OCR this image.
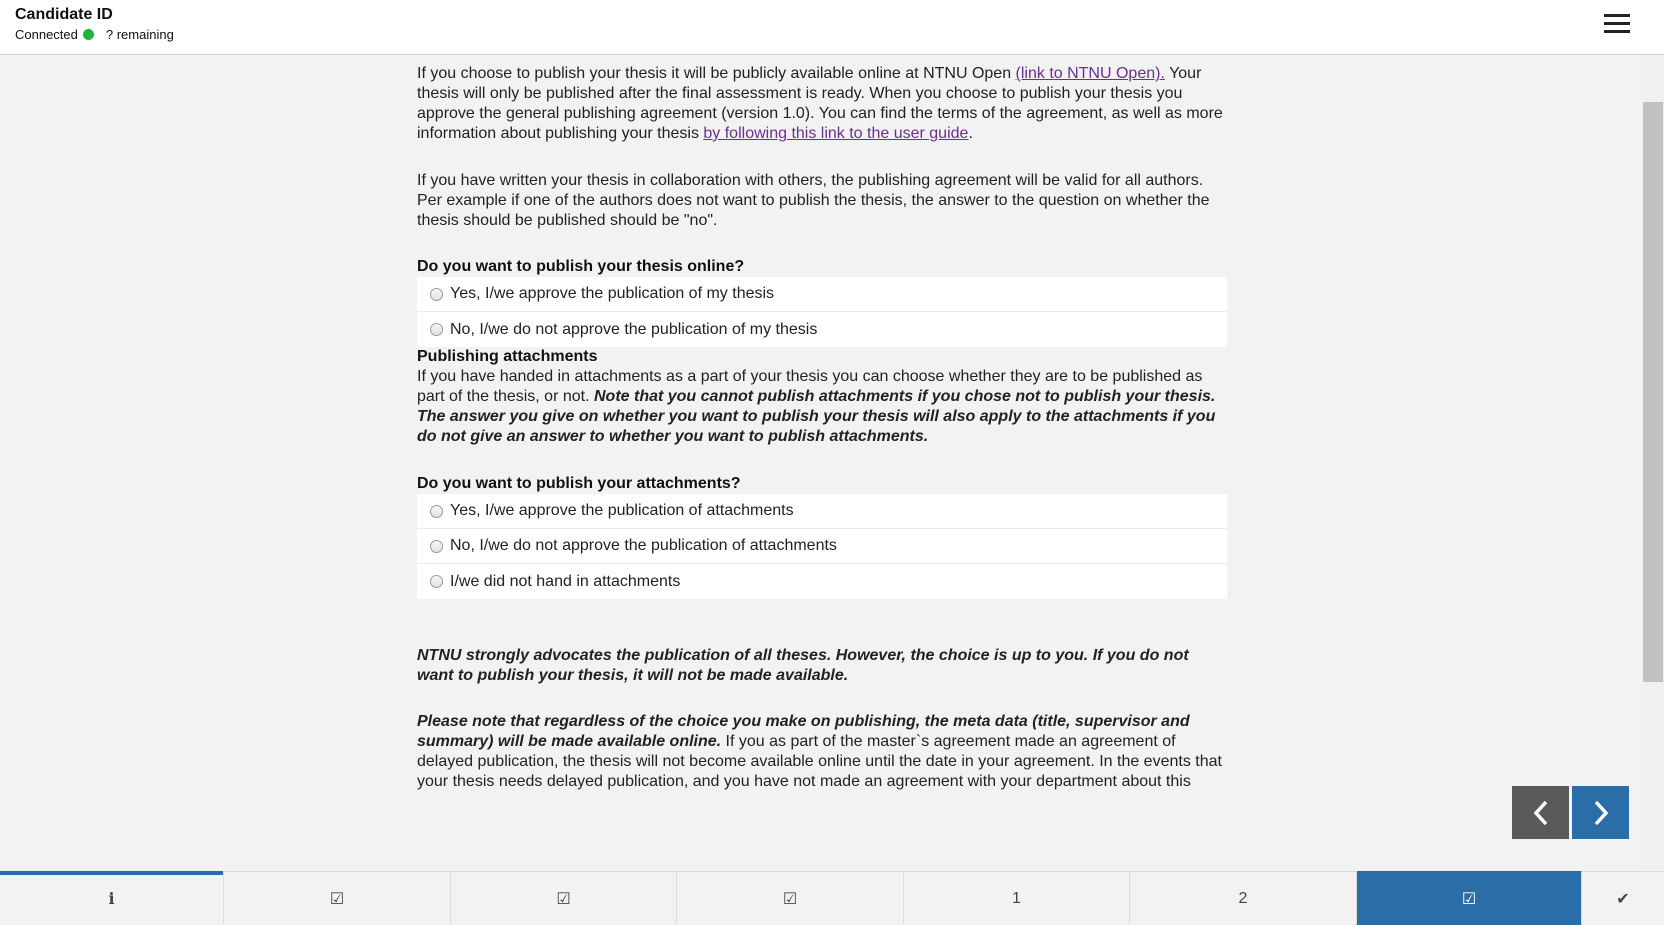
Candidate ID
Connected ? remaining

If you choose to publish your thesis it will be publicly available online at NTNU Open (link to NTNU Open). Your thesis will only be published after the final assessment is ready. When you choose to publish your thesis you approve the general publishing agreement (version 1.0). You can find the terms of the agreement, as well as more information about publishing your thesis by following this link to the user guide.

If you have written your thesis in collaboration with others, the publishing agreement will be valid for all authors. Per example if one of the authors does not want to publish the thesis, the answer to the question on whether the thesis should be published should be "no".

Do you want to publish your thesis online?

Yes, I/we approve the publication of my thesis
No, I/we do not approve the publication of my thesis

Publishing attachments

If you have handed in attachments as a part of your thesis you can choose whether they are to be published as part of the thesis, or not. Note that you cannot publish attachments if you chose not to publish your thesis. The answer you give on whether you want to publish your thesis will also apply to the attachments if you do not give an answer to whether you want to publish attachments.

Do you want to publish your attachments?

Yes, I/we approve the publication of attachments
No, I/we do not approve the publication of attachments
I/we did not hand in attachments

NTNU strongly advocates the publication of all theses. However, the choice is up to you. If you do not want to publish your thesis, it will not be made available.

Please note that regardless of the choice you make on publishing, the meta data (title, supervisor and summary) will be made available online. If you as part of the master`s agreement made an agreement of delayed publication, the thesis will not become available online until the date in your agreement. In the events that your thesis needs delayed publication, and you have not made an agreement with your department about this

i	☑	☑	☑	1	2	☑	✔
